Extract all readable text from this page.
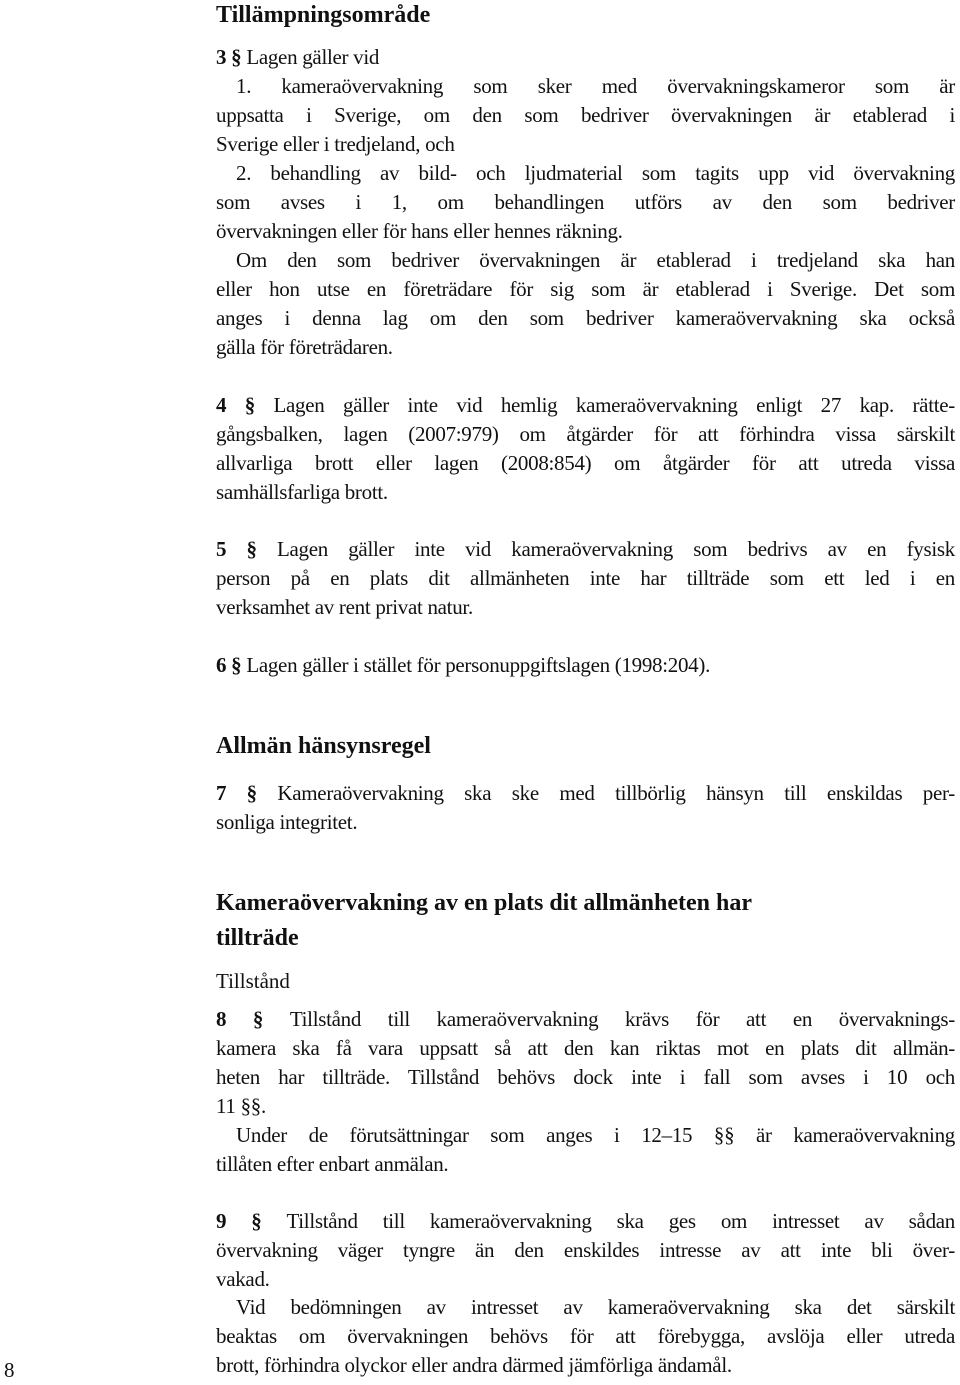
Tillämpningsområde
Allmän hänsynsregel
Kameraövervakning av en plats dit allmänheten har
tillträde
Tillstånd
8
3 § Lagen gäller vid
1. kameraövervakning som sker med övervakningskameror som är
uppsatta i Sverige, om den som bedriver övervakningen är etablerad i
Sverige eller i tredjeland, och
2. behandling av bild- och ljudmaterial som tagits upp vid övervakning
som avses i 1, om behandlingen utförs av den som bedriver
övervakningen eller för hans eller hennes räkning.
Om den som bedriver övervakningen är etablerad i tredjeland ska han
eller hon utse en företrädare för sig som är etablerad i Sverige. Det som
anges i denna lag om den som bedriver kameraövervakning ska också
gälla för företrädaren.
4 § Lagen gäller inte vid hemlig kameraövervakning enligt 27 kap. rätte-
gångsbalken, lagen (2007:979) om åtgärder för att förhindra vissa särskilt
allvarliga brott eller lagen (2008:854) om åtgärder för att utreda vissa
samhällsfarliga brott.
5 § Lagen gäller inte vid kameraövervakning som bedrivs av en fysisk
person på en plats dit allmänheten inte har tillträde som ett led i en
verksamhet av rent privat natur.
6 § Lagen gäller i stället för personuppgiftslagen (1998:204).
7 § Kameraövervakning ska ske med tillbörlig hänsyn till enskildas per-
sonliga integritet.
8 § Tillstånd till kameraövervakning krävs för att en övervaknings-
kamera ska få vara uppsatt så att den kan riktas mot en plats dit allmän-
heten har tillträde. Tillstånd behövs dock inte i fall som avses i 10 och
11 §§.
Under de förutsättningar som anges i 12–15 §§ är kameraövervakning
tillåten efter enbart anmälan.
9 § Tillstånd till kameraövervakning ska ges om intresset av sådan
övervakning väger tyngre än den enskildes intresse av att inte bli över-
vakad.
Vid bedömningen av intresset av kameraövervakning ska det särskilt
beaktas om övervakningen behövs för att förebygga, avslöja eller utreda
brott, förhindra olyckor eller andra därmed jämförliga ändamål.
